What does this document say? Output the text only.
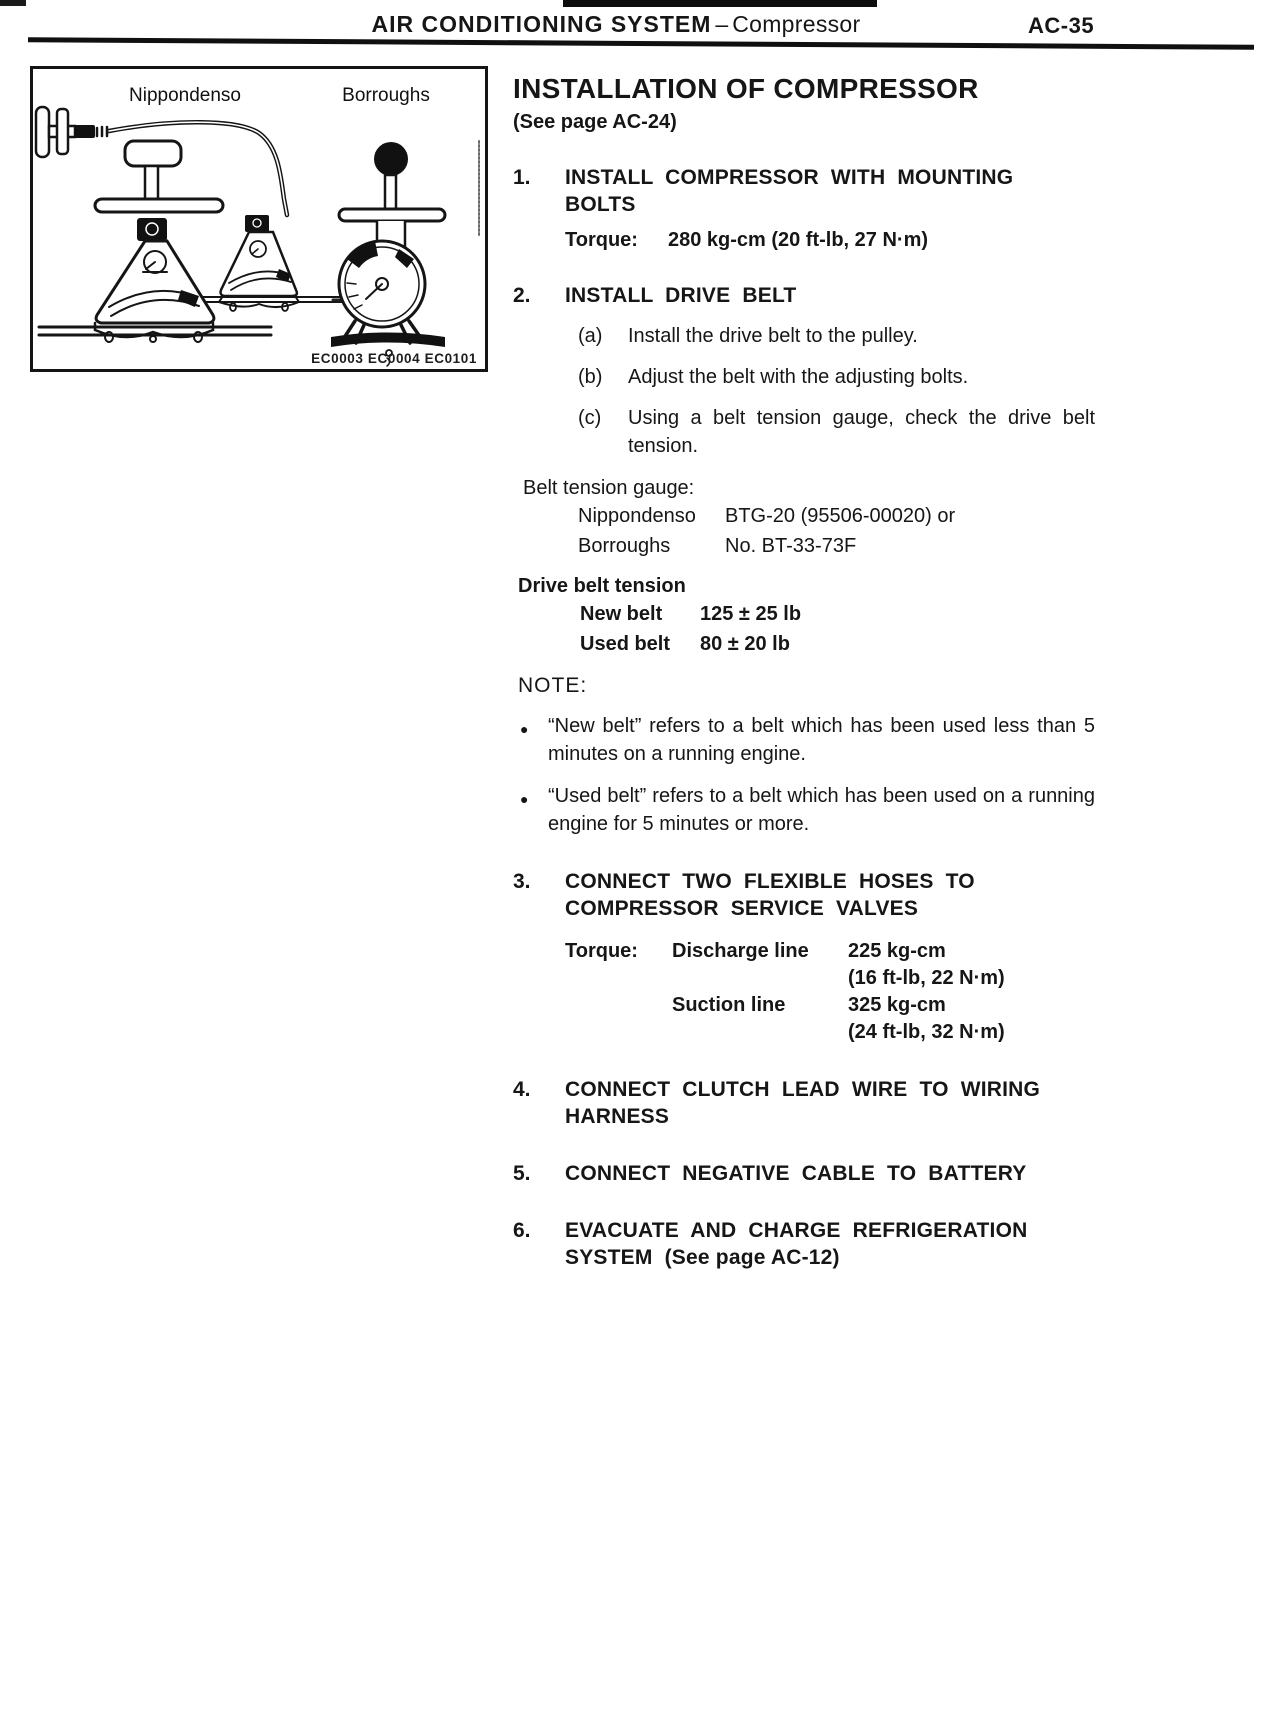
AIR CONDITIONING SYSTEM – Compressor	AC-35
Nippondenso	Borroughs
EC0003 EC0004 EC0101
INSTALLATION OF COMPRESSOR
(See page AC-24)
1.	INSTALL COMPRESSOR WITH MOUNTING BOLTS
Torque: 280 kg-cm (20 ft-lb, 27 N·m)
2.	INSTALL DRIVE BELT
(a)	Install the drive belt to the pulley.
(b)	Adjust the belt with the adjusting bolts.
(c)	Using a belt tension gauge, check the drive belt tension.
Belt tension gauge:
Nippondenso	BTG-20 (95506-00020) or
Borroughs	No. BT-33-73F
Drive belt tension
New belt	125 ± 25 lb
Used belt	80 ± 20 lb
NOTE:
● “New belt” refers to a belt which has been used less than 5 minutes on a running engine.
● “Used belt” refers to a belt which has been used on a running engine for 5 minutes or more.
3.	CONNECT TWO FLEXIBLE HOSES TO COMPRESSOR SERVICE VALVES
Torque:	Discharge line	225 kg-cm
(16 ft-lb, 22 N·m)
Suction line	325 kg-cm
(24 ft-lb, 32 N·m)
4.	CONNECT CLUTCH LEAD WIRE TO WIRING HARNESS
5.	CONNECT NEGATIVE CABLE TO BATTERY
6.	EVACUATE AND CHARGE REFRIGERATION SYSTEM (See page AC-12)
